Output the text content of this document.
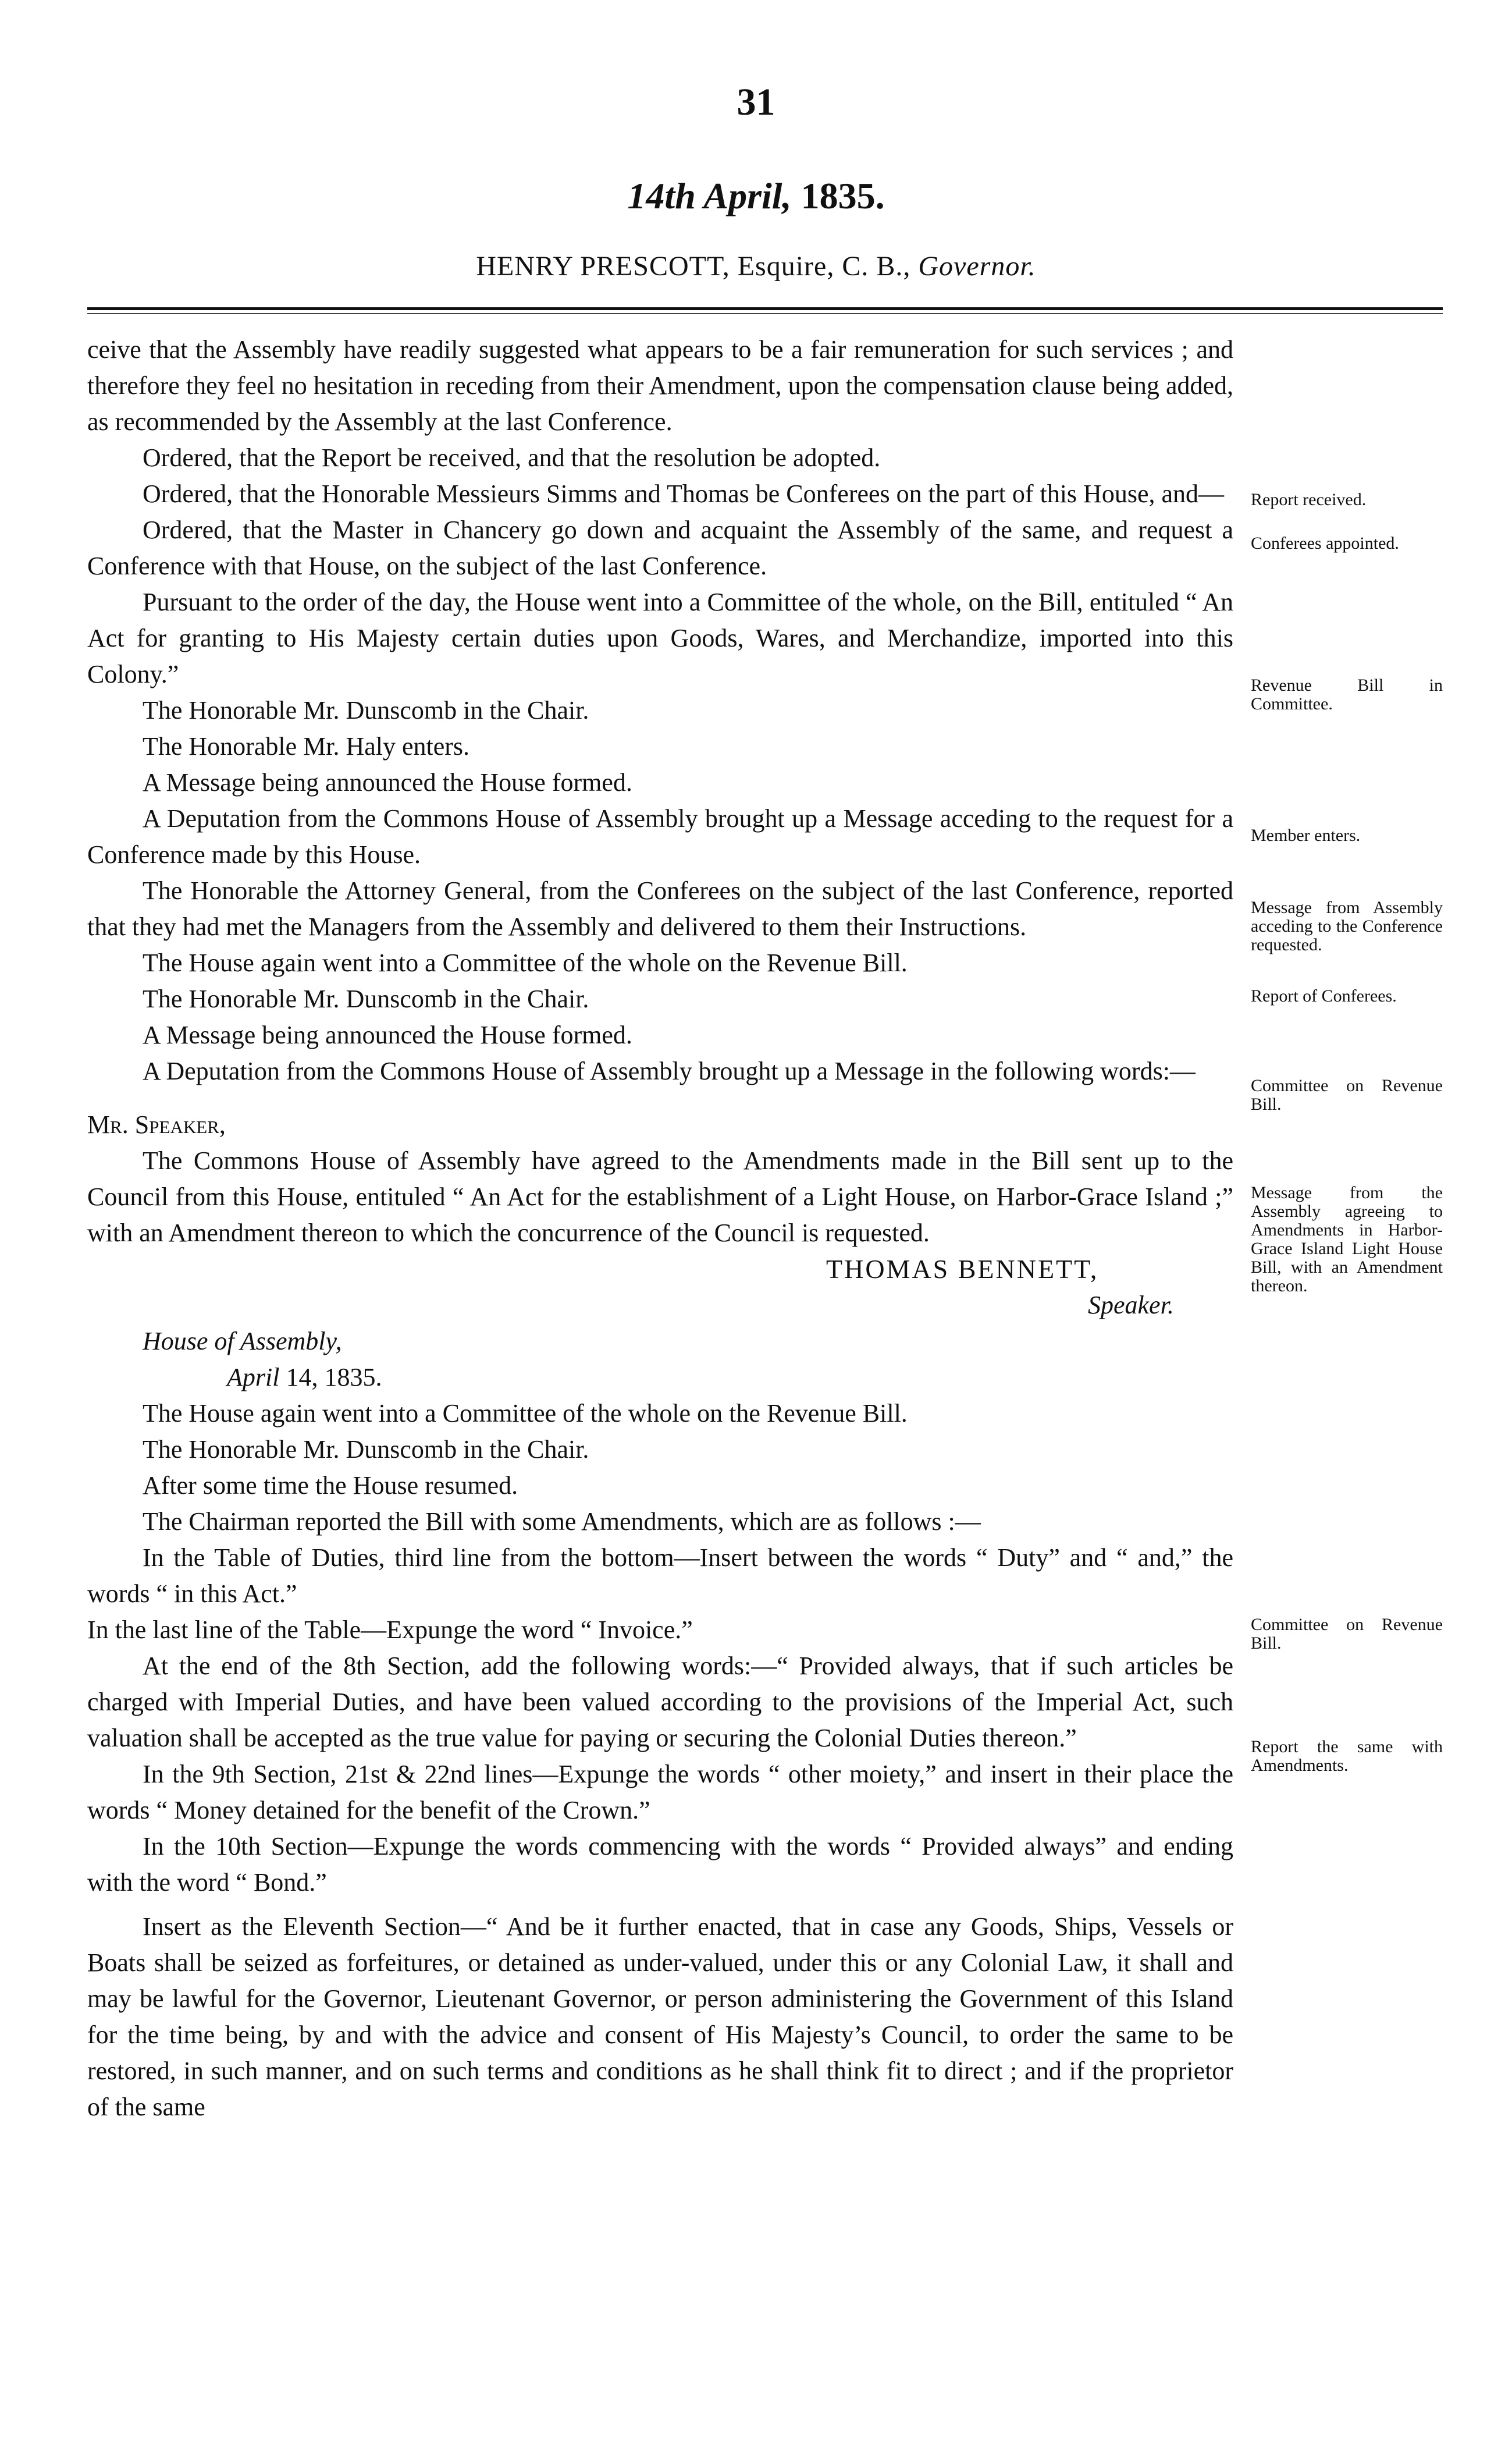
31
14th April, 1835.
HENRY PRESCOTT, Esquire, C. B., Governor.

ceive that the Assembly have readily suggested what appears to be a fair remuneration for such services ; and therefore they feel no hesitation in receding from their Amendment, upon the compensation clause being added, as recommended by the Assembly at the last Conference.

Ordered, that the Report be received, and that the resolution be adopted.

Ordered, that the Honorable Messieurs Simms and Thomas be Conferees on the part of this House, and—

Ordered, that the Master in Chancery go down and acquaint the Assembly of the same, and request a Conference with that House, on the subject of the last Conference.

Pursuant to the order of the day, the House went into a Committee of the whole, on the Bill, entituled “ An Act for granting to His Majesty certain duties upon Goods, Wares, and Merchandize, imported into this Colony.”

The Honorable Mr. Dunscomb in the Chair.

The Honorable Mr. Haly enters.

A Message being announced the House formed.

A Deputation from the Commons House of Assembly brought up a Message acceding to the request for a Conference made by this House.

The Honorable the Attorney General, from the Conferees on the subject of the last Conference, reported that they had met the Managers from the Assembly and delivered to them their Instructions.

The House again went into a Committee of the whole on the Revenue Bill.

The Honorable Mr. Dunscomb in the Chair.

A Message being announced the House formed.

A Deputation from the Commons House of Assembly brought up a Message in the following words:—

Mr. Speaker,

The Commons House of Assembly have agreed to the Amendments made in the Bill sent up to the Council from this House, entituled “ An Act for the establishment of a Light House, on Harbor-Grace Island ;” with an Amendment thereon to which the concurrence of the Council is requested.

THOMAS BENNETT,

Speaker.

House of Assembly,

April 14, 1835.

The House again went into a Committee of the whole on the Revenue Bill.

The Honorable Mr. Dunscomb in the Chair.

After some time the House resumed.

The Chairman reported the Bill with some Amendments, which are as follows :—

In the Table of Duties, third line from the bottom—Insert between the words “ Duty” and “ and,” the words “ in this Act.”

In the last line of the Table—Expunge the word “ Invoice.”

At the end of the 8th Section, add the following words:—“ Provided always, that if such articles be charged with Imperial Duties, and have been valued according to the provisions of the Imperial Act, such valuation shall be accepted as the true value for paying or securing the Colonial Duties thereon.”

In the 9th Section, 21st & 22nd lines—Expunge the words “ other moiety,” and insert in their place the words “ Money detained for the benefit of the Crown.”

In the 10th Section—Expunge the words commencing with the words “ Provided always” and ending with the word “ Bond.”

Insert as the Eleventh Section—“ And be it further enacted, that in case any Goods, Ships, Vessels or Boats shall be seized as forfeitures, or detained as under-valued, under this or any Colonial Law, it shall and may be lawful for the Governor, Lieutenant Governor, or person administering the Government of this Island for the time being, by and with the advice and consent of His Majesty’s Council, to order the same to be restored, in such manner, and on such terms and conditions as he shall think fit to direct ; and if the proprietor of the same

Report received.
Conferees appointed.
Revenue Bill in Committee.
Member enters.
Message from Assembly acceding to the Conference requested.
Report of Conferees.
Committee on Revenue Bill.
Message from the Assembly agreeing to Amendments in Harbor-Grace Island Light House Bill, with an Amendment thereon.
Committee on Revenue Bill.
Report the same with Amendments.
